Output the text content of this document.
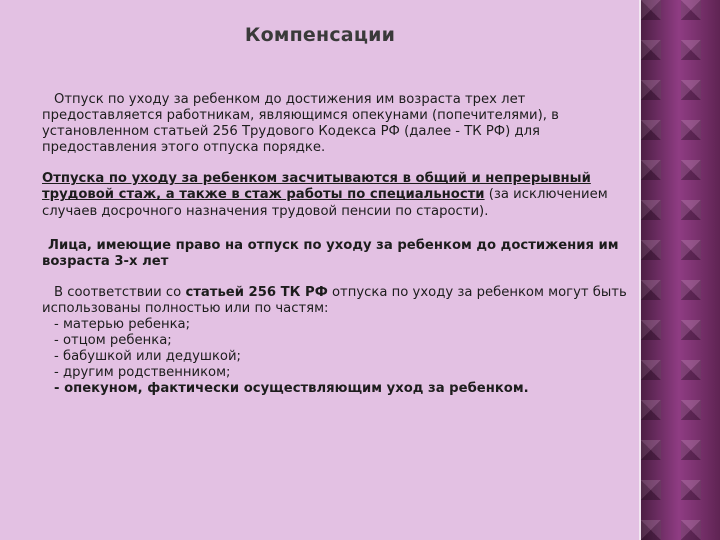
Компенсации

Отпуск по уходу за ребенком до достижения им возраста трех лет предоставляется работникам, являющимся опекунами (попечителями), в установленном статьей 256 Трудового Кодекса РФ (далее - ТК РФ) для предоставления этого отпуска порядке.

Отпуска по уходу за ребенком засчитываются в общий и непрерывный трудовой стаж, а также в стаж работы по специальности (за исключением случаев досрочного назначения трудовой пенсии по старости).

Лица, имеющие право на отпуск по уходу за ребенком до достижения им возраста 3-х лет

В соответствии со статьей 256 ТК РФ отпуска по уходу за ребенком могут быть использованы полностью или по частям:
- матерью ребенка;
- отцом ребенка;
- бабушкой или дедушкой;
- другим родственником;
- опекуном, фактически осуществляющим уход за ребенком.
